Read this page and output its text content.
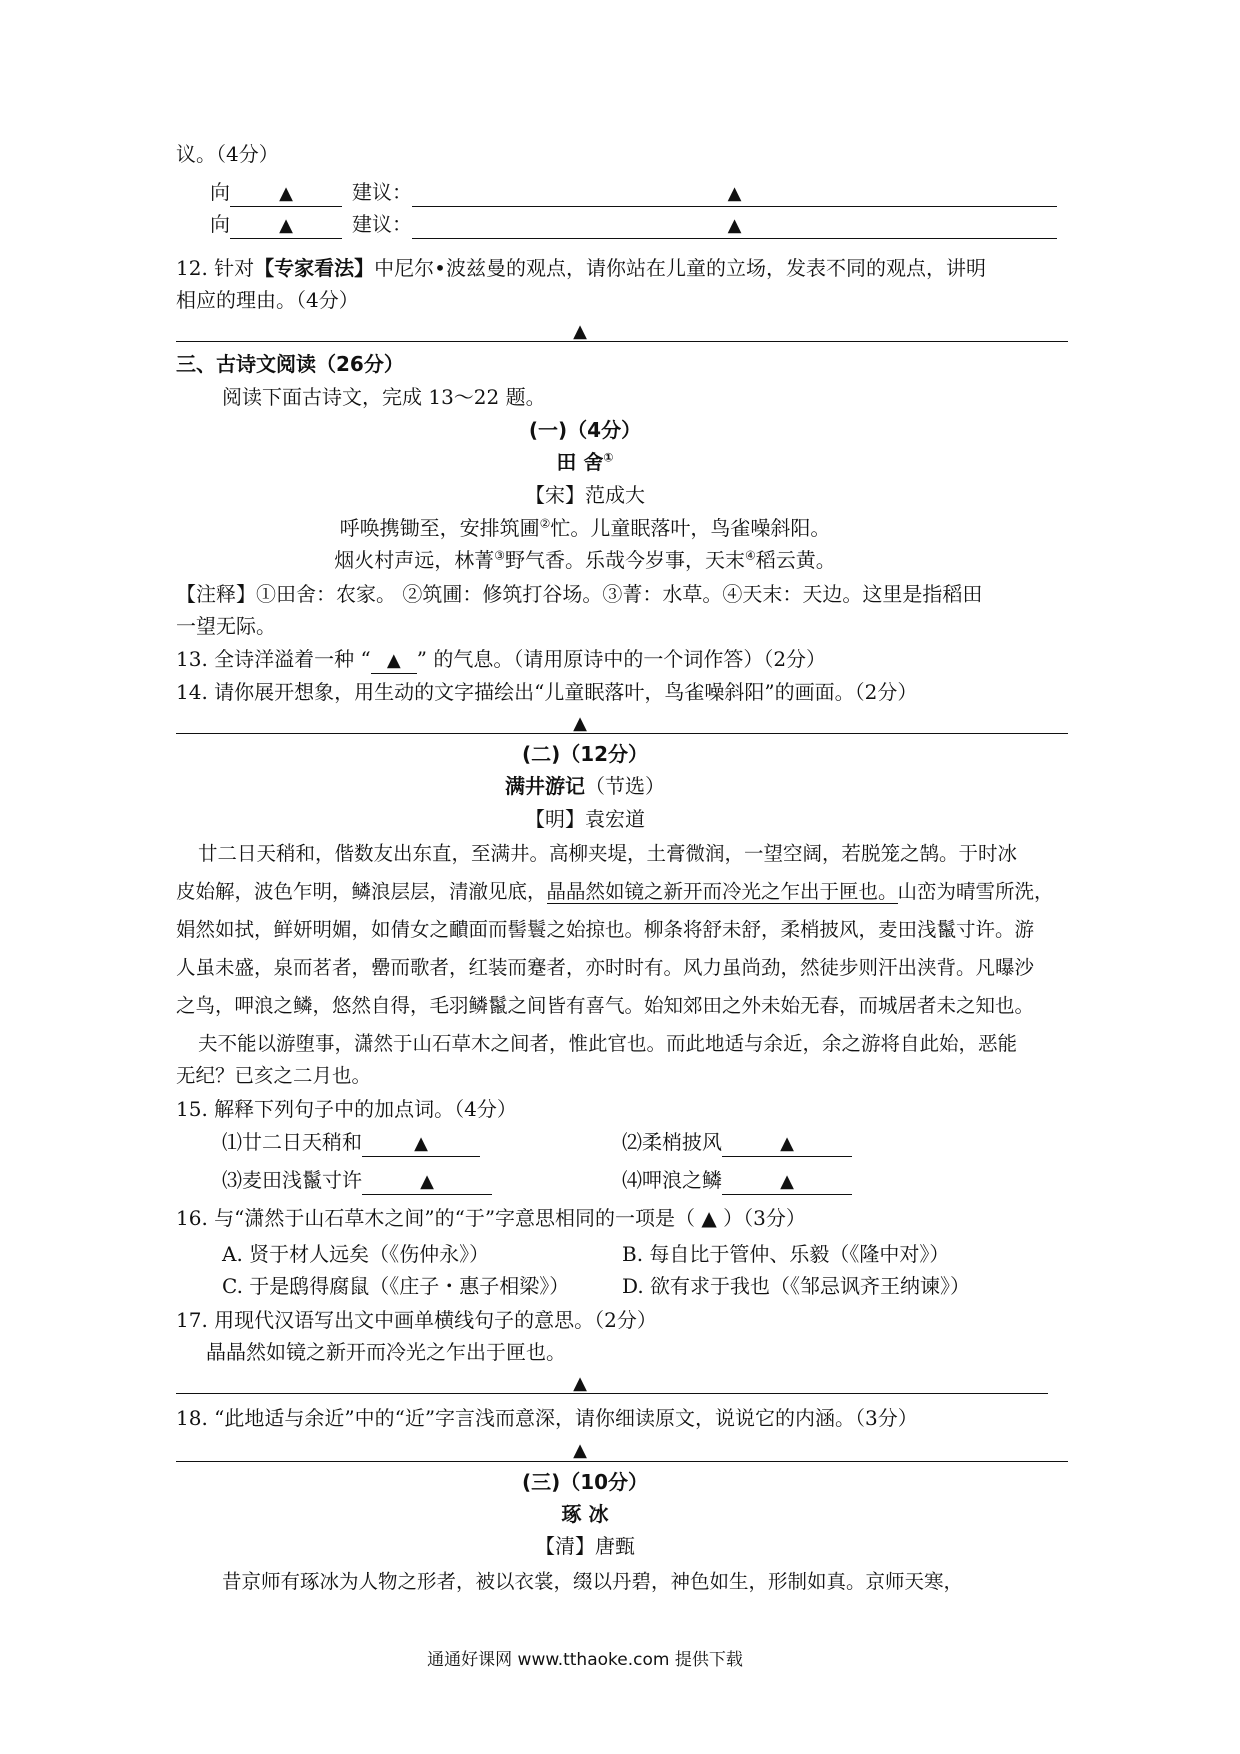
议。（4分）
向	▲	建议：	▲
向	▲	建议：	▲
12. 针对【专家看法】中尼尔•波兹曼的观点，请你站在儿童的立场，发表不同的观点，讲明
相应的理由。（4分）
▲
三、古诗文阅读（26分）
阅读下面古诗文，完成 13～22 题。
(一)（4分）
田 舍①
【宋】范成大
呼唤携锄至，安排筑圃②忙。儿童眠落叶，鸟雀噪斜阳。
烟火村声远，林菁③野气香。乐哉今岁事，天末④稻云黄。
【注释】①田舍：农家。 ②筑圃：修筑打谷场。③菁：水草。④天末：天边。这里是指稻田
一望无际。
13. 全诗洋溢着一种 “ ▲ ” 的气息。（请用原诗中的一个词作答）（2分）
14. 请你展开想象，用生动的文字描绘出“儿童眠落叶，鸟雀噪斜阳”的画面。（2分）
▲
(二)（12分）
满井游记（节选）
【明】袁宏道
廿二日天稍和，偕数友出东直，至满井。高柳夹堤，土膏微润，一望空阔，若脱笼之鹄。于时冰
皮始解，波色乍明，鳞浪层层，清澈见底，晶晶然如镜之新开而冷光之乍出于匣也。山峦为晴雪所洗，
娟然如拭，鲜妍明媚，如倩女之靧面而髻鬟之始掠也。柳条将舒未舒，柔梢披风，麦田浅鬣寸许。游
人虽未盛，泉而茗者，罍而歌者，红装而蹇者，亦时时有。风力虽尚劲，然徒步则汗出浃背。凡曝沙
之鸟，呷浪之鳞，悠然自得，毛羽鳞鬣之间皆有喜气。始知郊田之外未始无春，而城居者未之知也。
夫不能以游堕事，潇然于山石草木之间者，惟此官也。而此地适与余近，余之游将自此始，恶能
无纪？已亥之二月也。
15. 解释下列句子中的加点词。（4分）
⑴廿二日天稍和	▲	⑵柔梢披风	▲
⑶麦田浅鬣寸许	▲	⑷呷浪之鳞	▲
16. 与“潇然于山石草木之间”的“于”字意思相同的一项是（ ▲ ）（3分）
A. 贤于材人远矣（《伤仲永》）	B. 每自比于管仲、乐毅（《隆中对》）
C. 于是鸱得腐鼠（《庄子・惠子相梁》）	D. 欲有求于我也（《邹忌讽齐王纳谏》）
17. 用现代汉语写出文中画单横线句子的意思。（2分）
晶晶然如镜之新开而冷光之乍出于匣也。
▲
18. “此地适与余近”中的“近”字言浅而意深，请你细读原文，说说它的内涵。（3分）
▲
(三)（10分）
琢 冰
【清】唐甄
昔京师有琢冰为人物之形者，被以衣裳，缀以丹碧，神色如生，形制如真。京师天寒，
通通好课网 www.tthaoke.com 提供下载
